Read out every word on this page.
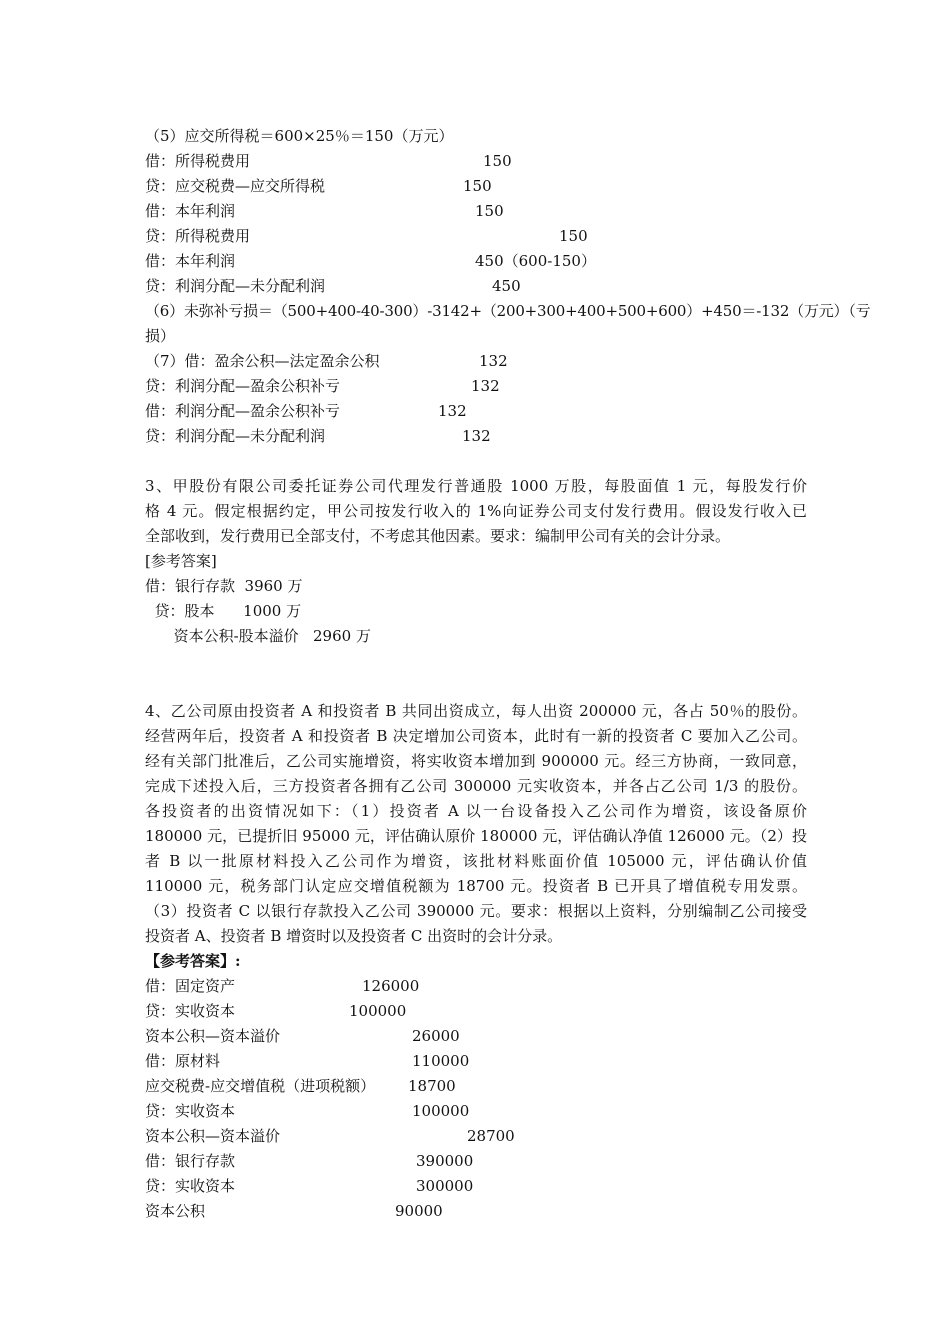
（5）应交所得税＝600×25％＝150（万元）
借：所得税费用	150
贷：应交税费—应交所得税	150
借：本年利润	150
贷：所得税费用	150
借：本年利润	450（600-150）
贷：利润分配—未分配利润	450
（6）未弥补亏损＝（500+400-40-300）-3142+（200+300+400+500+600）+450＝-132（万元）（亏
损）
（7）借：盈余公积—法定盈余公积	132
贷：利润分配—盈余公积补亏	132
借：利润分配—盈余公积补亏	132
贷：利润分配—未分配利润	132
3、甲股份有限公司委托证券公司代理发行普通股 1000 万股，每股面值 1 元，每股发行价
格 4 元。假定根据约定，甲公司按发行收入的 1%向证券公司支付发行费用。假设发行收入已
全部收到，发行费用已全部支付，不考虑其他因素。要求：编制甲公司有关的会计分录。
[参考答案]
借：银行存款  3960 万
贷：股本      1000 万
资本公积-股本溢价   2960 万
4、乙公司原由投资者 A 和投资者 B 共同出资成立，每人出资 200000 元，各占 50％的股份。
经营两年后，投资者 A 和投资者 B 决定增加公司资本，此时有一新的投资者 C 要加入乙公司。
经有关部门批准后，乙公司实施增资，将实收资本增加到 900000 元。经三方协商，一致同意，
完成下述投入后，三方投资者各拥有乙公司 300000 元实收资本，并各占乙公司 1/3 的股份。
各投资者的出资情况如下：（1）投资者 A 以一台设备投入乙公司作为增资，该设备原价
180000 元，已提折旧 95000 元，评估确认原价 180000 元，评估确认净值 126000 元。（2）投
者 B 以一批原材料投入乙公司作为增资，该批材料账面价值 105000 元，评估确认价值
110000 元，税务部门认定应交增值税额为 18700 元。投资者 B 已开具了增值税专用发票。
（3）投资者 C 以银行存款投入乙公司 390000 元。要求：根据以上资料，分别编制乙公司接受
投资者 A、投资者 B 增资时以及投资者 C 出资时的会计分录。
【参考答案】:
借：固定资产	126000
贷：实收资本	100000
资本公积—资本溢价	26000
借：原材料	110000
应交税费-应交增值税（进项税额） 18700
贷：实收资本	100000
资本公积—资本溢价	28700
借：银行存款	390000
贷：实收资本	300000
资本公积	90000
